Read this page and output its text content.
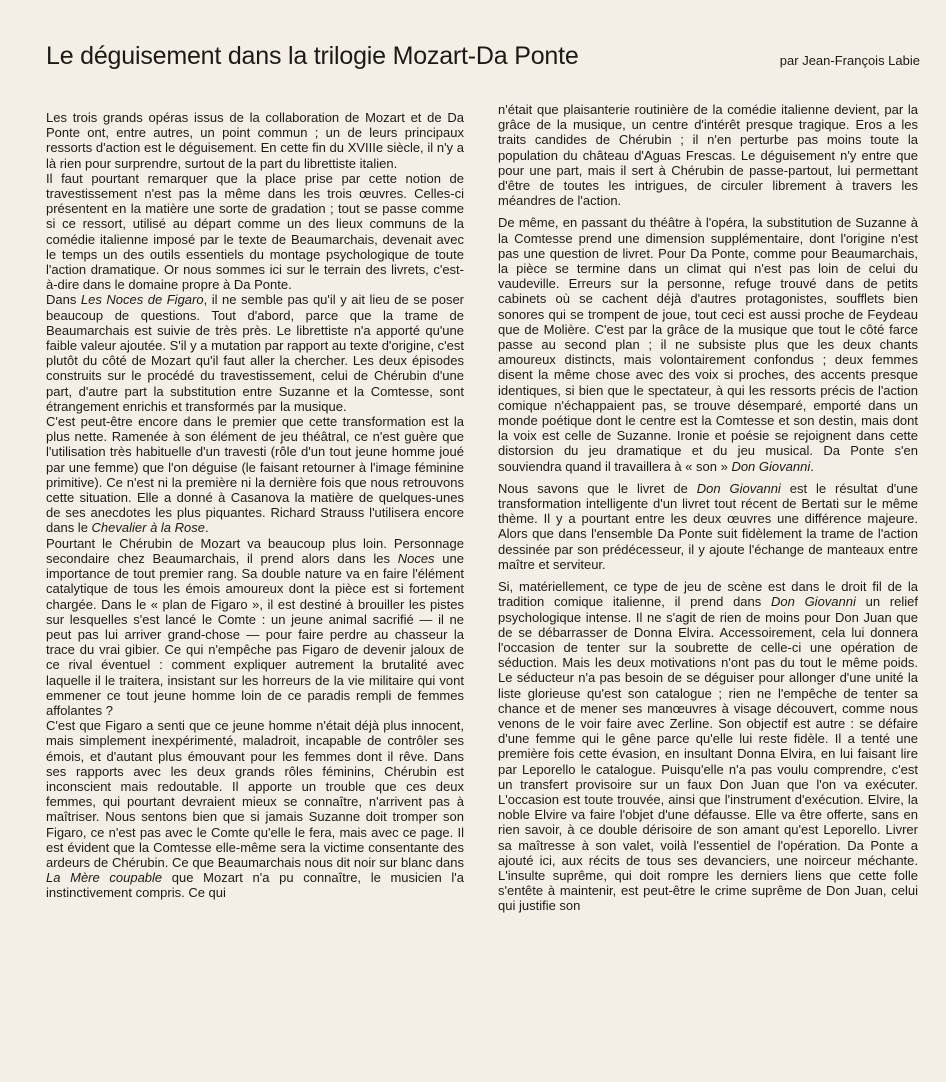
Le déguisement dans la trilogie Mozart-Da Ponte	par Jean-François Labie

Les trois grands opéras issus de la collaboration de Mozart et de Da Ponte ont, entre autres, un point commun ; un de leurs principaux ressorts d'action est le déguisement. En cette fin du XVIIIe siècle, il n'y a là rien pour surprendre, surtout de la part du librettiste italien.

Il faut pourtant remarquer que la place prise par cette notion de travestissement n'est pas la même dans les trois œuvres. Celles-ci présentent en la matière une sorte de gradation ; tout se passe comme si ce ressort, utilisé au départ comme un des lieux communs de la comédie italienne imposé par le texte de Beaumarchais, devenait avec le temps un des outils essentiels du montage psychologique de toute l'action dramatique. Or nous sommes ici sur le terrain des livrets, c'est-à-dire dans le domaine propre à Da Ponte.

Dans Les Noces de Figaro, il ne semble pas qu'il y ait lieu de se poser beaucoup de questions. Tout d'abord, parce que la trame de Beaumarchais est suivie de très près. Le librettiste n'a apporté qu'une faible valeur ajoutée. S'il y a mutation par rapport au texte d'origine, c'est plutôt du côté de Mozart qu'il faut aller la chercher. Les deux épisodes construits sur le procédé du travestissement, celui de Chérubin d'une part, d'autre part la substitution entre Suzanne et la Comtesse, sont étrangement enrichis et transformés par la musique.

C'est peut-être encore dans le premier que cette transformation est la plus nette. Ramenée à son élément de jeu théâtral, ce n'est guère que l'utilisation très habituelle d'un travesti (rôle d'un tout jeune homme joué par une femme) que l'on déguise (le faisant retourner à l'image féminine primitive). Ce n'est ni la première ni la dernière fois que nous retrouvons cette situation. Elle a donné à Casanova la matière de quelques-unes de ses anecdotes les plus piquantes. Richard Strauss l'utilisera encore dans le Chevalier à la Rose.

Pourtant le Chérubin de Mozart va beaucoup plus loin. Personnage secondaire chez Beaumarchais, il prend alors dans les Noces une importance de tout premier rang. Sa double nature va en faire l'élément catalytique de tous les émois amoureux dont la pièce est si fortement chargée. Dans le « plan de Figaro », il est destiné à brouiller les pistes sur lesquelles s'est lancé le Comte : un jeune animal sacrifié — il ne peut pas lui arriver grand-chose — pour faire perdre au chasseur la trace du vrai gibier. Ce qui n'empêche pas Figaro de devenir jaloux de ce rival éventuel : comment expliquer autrement la brutalité avec laquelle il le traitera, insistant sur les horreurs de la vie militaire qui vont emmener ce tout jeune homme loin de ce paradis rempli de femmes affolantes ?

C'est que Figaro a senti que ce jeune homme n'était déjà plus innocent, mais simplement inexpérimenté, maladroit, incapable de contrôler ses émois, et d'autant plus émouvant pour les femmes dont il rêve. Dans ses rapports avec les deux grands rôles féminins, Chérubin est inconscient mais redoutable. Il apporte un trouble que ces deux femmes, qui pourtant devraient mieux se connaître, n'arrivent pas à maîtriser. Nous sentons bien que si jamais Suzanne doit tromper son Figaro, ce n'est pas avec le Comte qu'elle le fera, mais avec ce page. Il est évident que la Comtesse elle-même sera la victime consentante des ardeurs de Chérubin. Ce que Beaumarchais nous dit noir sur blanc dans La Mère coupable que Mozart n'a pu connaître, le musicien l'a instinctivement compris. Ce qui

n'était que plaisanterie routinière de la comédie italienne devient, par la grâce de la musique, un centre d'intérêt presque tragique. Eros a les traits candides de Chérubin ; il n'en perturbe pas moins toute la population du château d'Aguas Frescas. Le déguisement n'y entre que pour une part, mais il sert à Chérubin de passe-partout, lui permettant d'être de toutes les intrigues, de circuler librement à travers les méandres de l'action.

De même, en passant du théâtre à l'opéra, la substitution de Suzanne à la Comtesse prend une dimension supplémentaire, dont l'origine n'est pas une question de livret. Pour Da Ponte, comme pour Beaumarchais, la pièce se termine dans un climat qui n'est pas loin de celui du vaudeville. Erreurs sur la personne, refuge trouvé dans de petits cabinets où se cachent déjà d'autres protagonistes, soufflets bien sonores qui se trompent de joue, tout ceci est aussi proche de Feydeau que de Molière. C'est par la grâce de la musique que tout le côté farce passe au second plan ; il ne subsiste plus que les deux chants amoureux distincts, mais volontairement confondus ; deux femmes disent la même chose avec des voix si proches, des accents presque identiques, si bien que le spectateur, à qui les ressorts précis de l'action comique n'échappaient pas, se trouve désemparé, emporté dans un monde poétique dont le centre est la Comtesse et son destin, mais dont la voix est celle de Suzanne. Ironie et poésie se rejoignent dans cette distorsion du jeu dramatique et du jeu musical. Da Ponte s'en souviendra quand il travaillera à « son » Don Giovanni.

Nous savons que le livret de Don Giovanni est le résultat d'une transformation intelligente d'un livret tout récent de Bertati sur le même thème. Il y a pourtant entre les deux œuvres une différence majeure. Alors que dans l'ensemble Da Ponte suit fidèlement la trame de l'action dessinée par son prédécesseur, il y ajoute l'échange de manteaux entre maître et serviteur.

Si, matériellement, ce type de jeu de scène est dans le droit fil de la tradition comique italienne, il prend dans Don Giovanni un relief psychologique intense. Il ne s'agit de rien de moins pour Don Juan que de se débarrasser de Donna Elvira. Accessoirement, cela lui donnera l'occasion de tenter sur la soubrette de celle-ci une opération de séduction. Mais les deux motivations n'ont pas du tout le même poids. Le séducteur n'a pas besoin de se déguiser pour allonger d'une unité la liste glorieuse qu'est son catalogue ; rien ne l'empêche de tenter sa chance et de mener ses manœuvres à visage découvert, comme nous venons de le voir faire avec Zerline. Son objectif est autre : se défaire d'une femme qui le gêne parce qu'elle lui reste fidèle. Il a tenté une première fois cette évasion, en insultant Donna Elvira, en lui faisant lire par Leporello le catalogue. Puisqu'elle n'a pas voulu comprendre, c'est un transfert provisoire sur un faux Don Juan que l'on va exécuter. L'occasion est toute trouvée, ainsi que l'instrument d'exécution. Elvire, la noble Elvire va faire l'objet d'une défausse. Elle va être offerte, sans en rien savoir, à ce double dérisoire de son amant qu'est Leporello. Livrer sa maîtresse à son valet, voilà l'essentiel de l'opération. Da Ponte a ajouté ici, aux récits de tous ses devanciers, une noirceur méchante. L'insulte suprême, qui doit rompre les derniers liens que cette folle s'entête à maintenir, est peut-être le crime suprême de Don Juan, celui qui justifie son
